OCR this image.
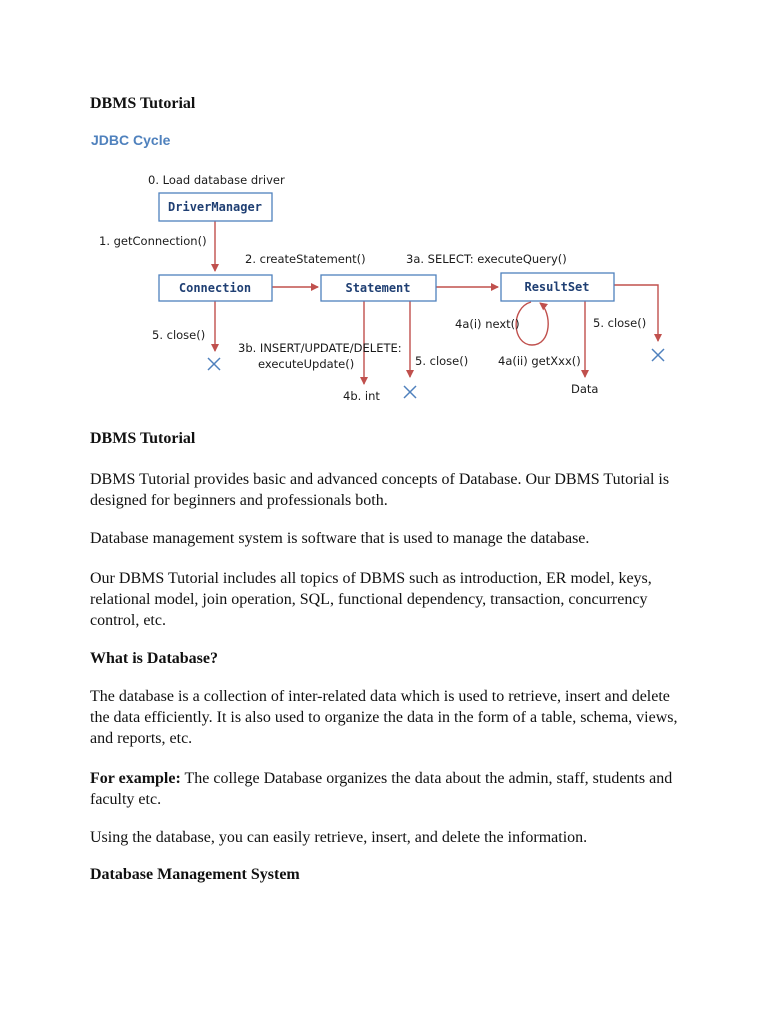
DBMS Tutorial
JDBC Cycle
DriverManager
Connection	Statement	ResultSet
0. Load database driver
1. getConnection()
2. createStatement()	3a. SELECT: executeQuery()
5. close()
3b. INSERT/UPDATE/DELETE:
executeUpdate()	5. close()
4a(i) next()
4a(ii) getXxx()
5. close()
4b. int	Data
DBMS Tutorial
DBMS Tutorial provides basic and advanced concepts of Database. Our DBMS Tutorial is designed for beginners and professionals both.
Database management system is software that is used to manage the database.
Our DBMS Tutorial includes all topics of DBMS such as introduction, ER model, keys, relational model, join operation, SQL, functional dependency, transaction, concurrency control, etc.
What is Database?
The database is a collection of inter-related data which is used to retrieve, insert and delete the data efficiently. It is also used to organize the data in the form of a table, schema, views, and reports, etc.
For example: The college Database organizes the data about the admin, staff, students and faculty etc.
Using the database, you can easily retrieve, insert, and delete the information.
Database Management System
